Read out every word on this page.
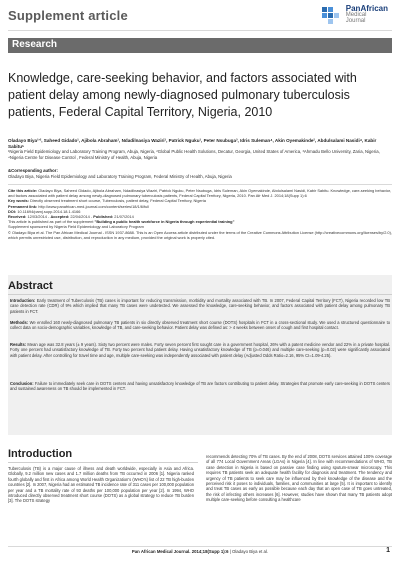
Supplement article	PanAfrican
Medical
Journal
Research
Knowledge, care-seeking behavior, and factors associated with patient delay among newly-diagnosed pulmonary tuberculosis patients, Federal Capital Territory, Nigeria, 2010
Oladayo Biya¹'², Saheed Gidado¹, Ajibola Abraham¹, Ndadilnasiya Waziri¹, Patrick Nguku¹, Peter Nsubuga³, Idris Suleman⁴, Akin Oyemakinde², Abdulsalami Nasidi⁴, Kabir Sabitu⁵
¹Nigeria Field Epidemiology and Laboratory Training Program, Abuja, Nigeria, ²Global Public Health Solutions, Decatur, Georgia, United States of America, ³Ahmadu Bello University, Zaria, Nigeria, ⁴Nigeria Centre for Disease Control , Federal Ministry of Health, Abuja, Nigeria
&Corresponding author:
Oladayo Biya, Nigeria Field Epidemiology and Laboratory Training Program, Federal Ministry of Health, Abuja, Nigeria
Cite this article: Oladayo Biya, Saheed Gidado, Ajibola Abraham, Ndadilnasiya Waziri, Patrick Nguku, Peter Nsubuga, Idris Suleman, Akin Oyemakinde, Abdulsalami Nasidi, Kabir Sabitu. Knowledge, care-seeking behavior, and factors associated with patient delay among newly-diagnosed pulmonary tuberculosis patients, Federal Capital Territory, Nigeria, 2010. Pan Afr Med J. 2014;18(Supp 1):6
Key words: Directly observed treatment short course, Tuberculosis, patient delay, Federal Capital Territory, Nigeria
Permanent link: http://www.panafrican-med-journal.com/content/series/18/1/6/full
DOI: 10.11694/pamj.supp.2014.18.1.4166
Received: 12/03/2014 - Accepted: 22/04/2014 - Published: 21/07/2014
This article is published as part of the supplement "Building a public health workforce in Nigeria through experiential training"
Supplement sponsored by Nigeria Field Epidemiology and Laboratory Program
© Oladayo Biya et al. The Pan African Medical Journal - ISSN 1937-8688. This is an Open Access article distributed under the terms of the Creative Commons Attribution License (http://creativecommons.org/licenses/by/2.0), which permits unrestricted use, distribution, and reproduction in any medium, provided the original work is properly cited.
Abstract
Introduction: Early treatment of Tuberculosis (TB) cases is important for reducing transmission, morbidity and mortality associated with TB. In 2007, Federal Capital Territory (FCT), Nigeria recorded low TB case detection rate (CDR) of 9% which implied that many TB cases were undetected. We assessed the knowledge, care-seeking behavior, and factors associated with patient delay among pulmonary TB patients in FCT.
Methods: We enrolled 160 newly-diagnosed pulmonary TB patients in six directly observed treatment short course (DOTS) hospitals in FCT in a cross-sectional study. We used a structured questionnaire to collect data on socio-demographic variables, knowledge of TB, and care-seeking behavior. Patient delay was defined as: > 4 weeks between onset of cough and first hospital contact.
Results: Mean age was 32.8 years (± 9 years). Sixty two percent were males. Forty seven percent first sought care in a government hospital, 26% with a patent medicine vendor and 22% in a private hospital. Forty one percent had unsatisfactory knowledge of TB. Forty two percent had patient delay. Having unsatisfactory knowledge of TB (p=0.046) and multiple care-seeking (p=0.02) were significantly associated with patient delay. After controlling for travel time and age, multiple care-seeking was independently associated with patient delay (Adjusted Odds Ratio=2.16, 95% CI=1.09-4.25).
Conclusion: Failure to immediately seek care in DOTS centers and having unsatisfactory knowledge of TB are factors contributing to patient delay. Strategies that promote early care-seeking in DOTS centers and sustained awareness on TB should be implemented in FCT.
Introduction
Tuberculosis (TB) is a major cause of illness and death worldwide, especially in Asia and Africa. Globally, 9.2 million new cases and 1.7 million deaths from TB occurred in 2006 [1]. Nigeria ranked fourth globally and first in Africa among World Health Organization's (WHO's) list of 22 TB high-burden countries [2]. In 2007, Nigeria had an estimated TB incidence rate of 311 cases per 100,000 population per year and a TB mortality rate of 93 deaths per 100,000 population per year [2]. In 1994, WHO introduced directly observed treatment short course (DOTS) as a global strategy to reduce TB burden [3]. The DOTS strategy
recommends detecting 70% of TB cases. By the end of 2008, DOTS services attained 100% coverage of all 774 Local Government Areas (LGAs) in Nigeria [4]. In line with recommendations of WHO, TB case detection in Nigeria is based on passive case finding using sputum-smear microscopy. This requires TB patients seek an adequate health facility for diagnosis and treatment. The tendency and urgency of TB patients to seek care may be influenced by their knowledge of the disease and the perceived risk it poses to individuals, families, and communities at large [5]. It is important to identify and treat TB cases as early as possible because each day that an open case of TB goes untreated, the risk of infecting others increases [6]. However, studies have shown that many TB patients adopt multiple care-seeking before consulting a healthcare
Pan African Medical Journal. 2014;18(Supp 1):6 | Oladayo Biya et al.	1
